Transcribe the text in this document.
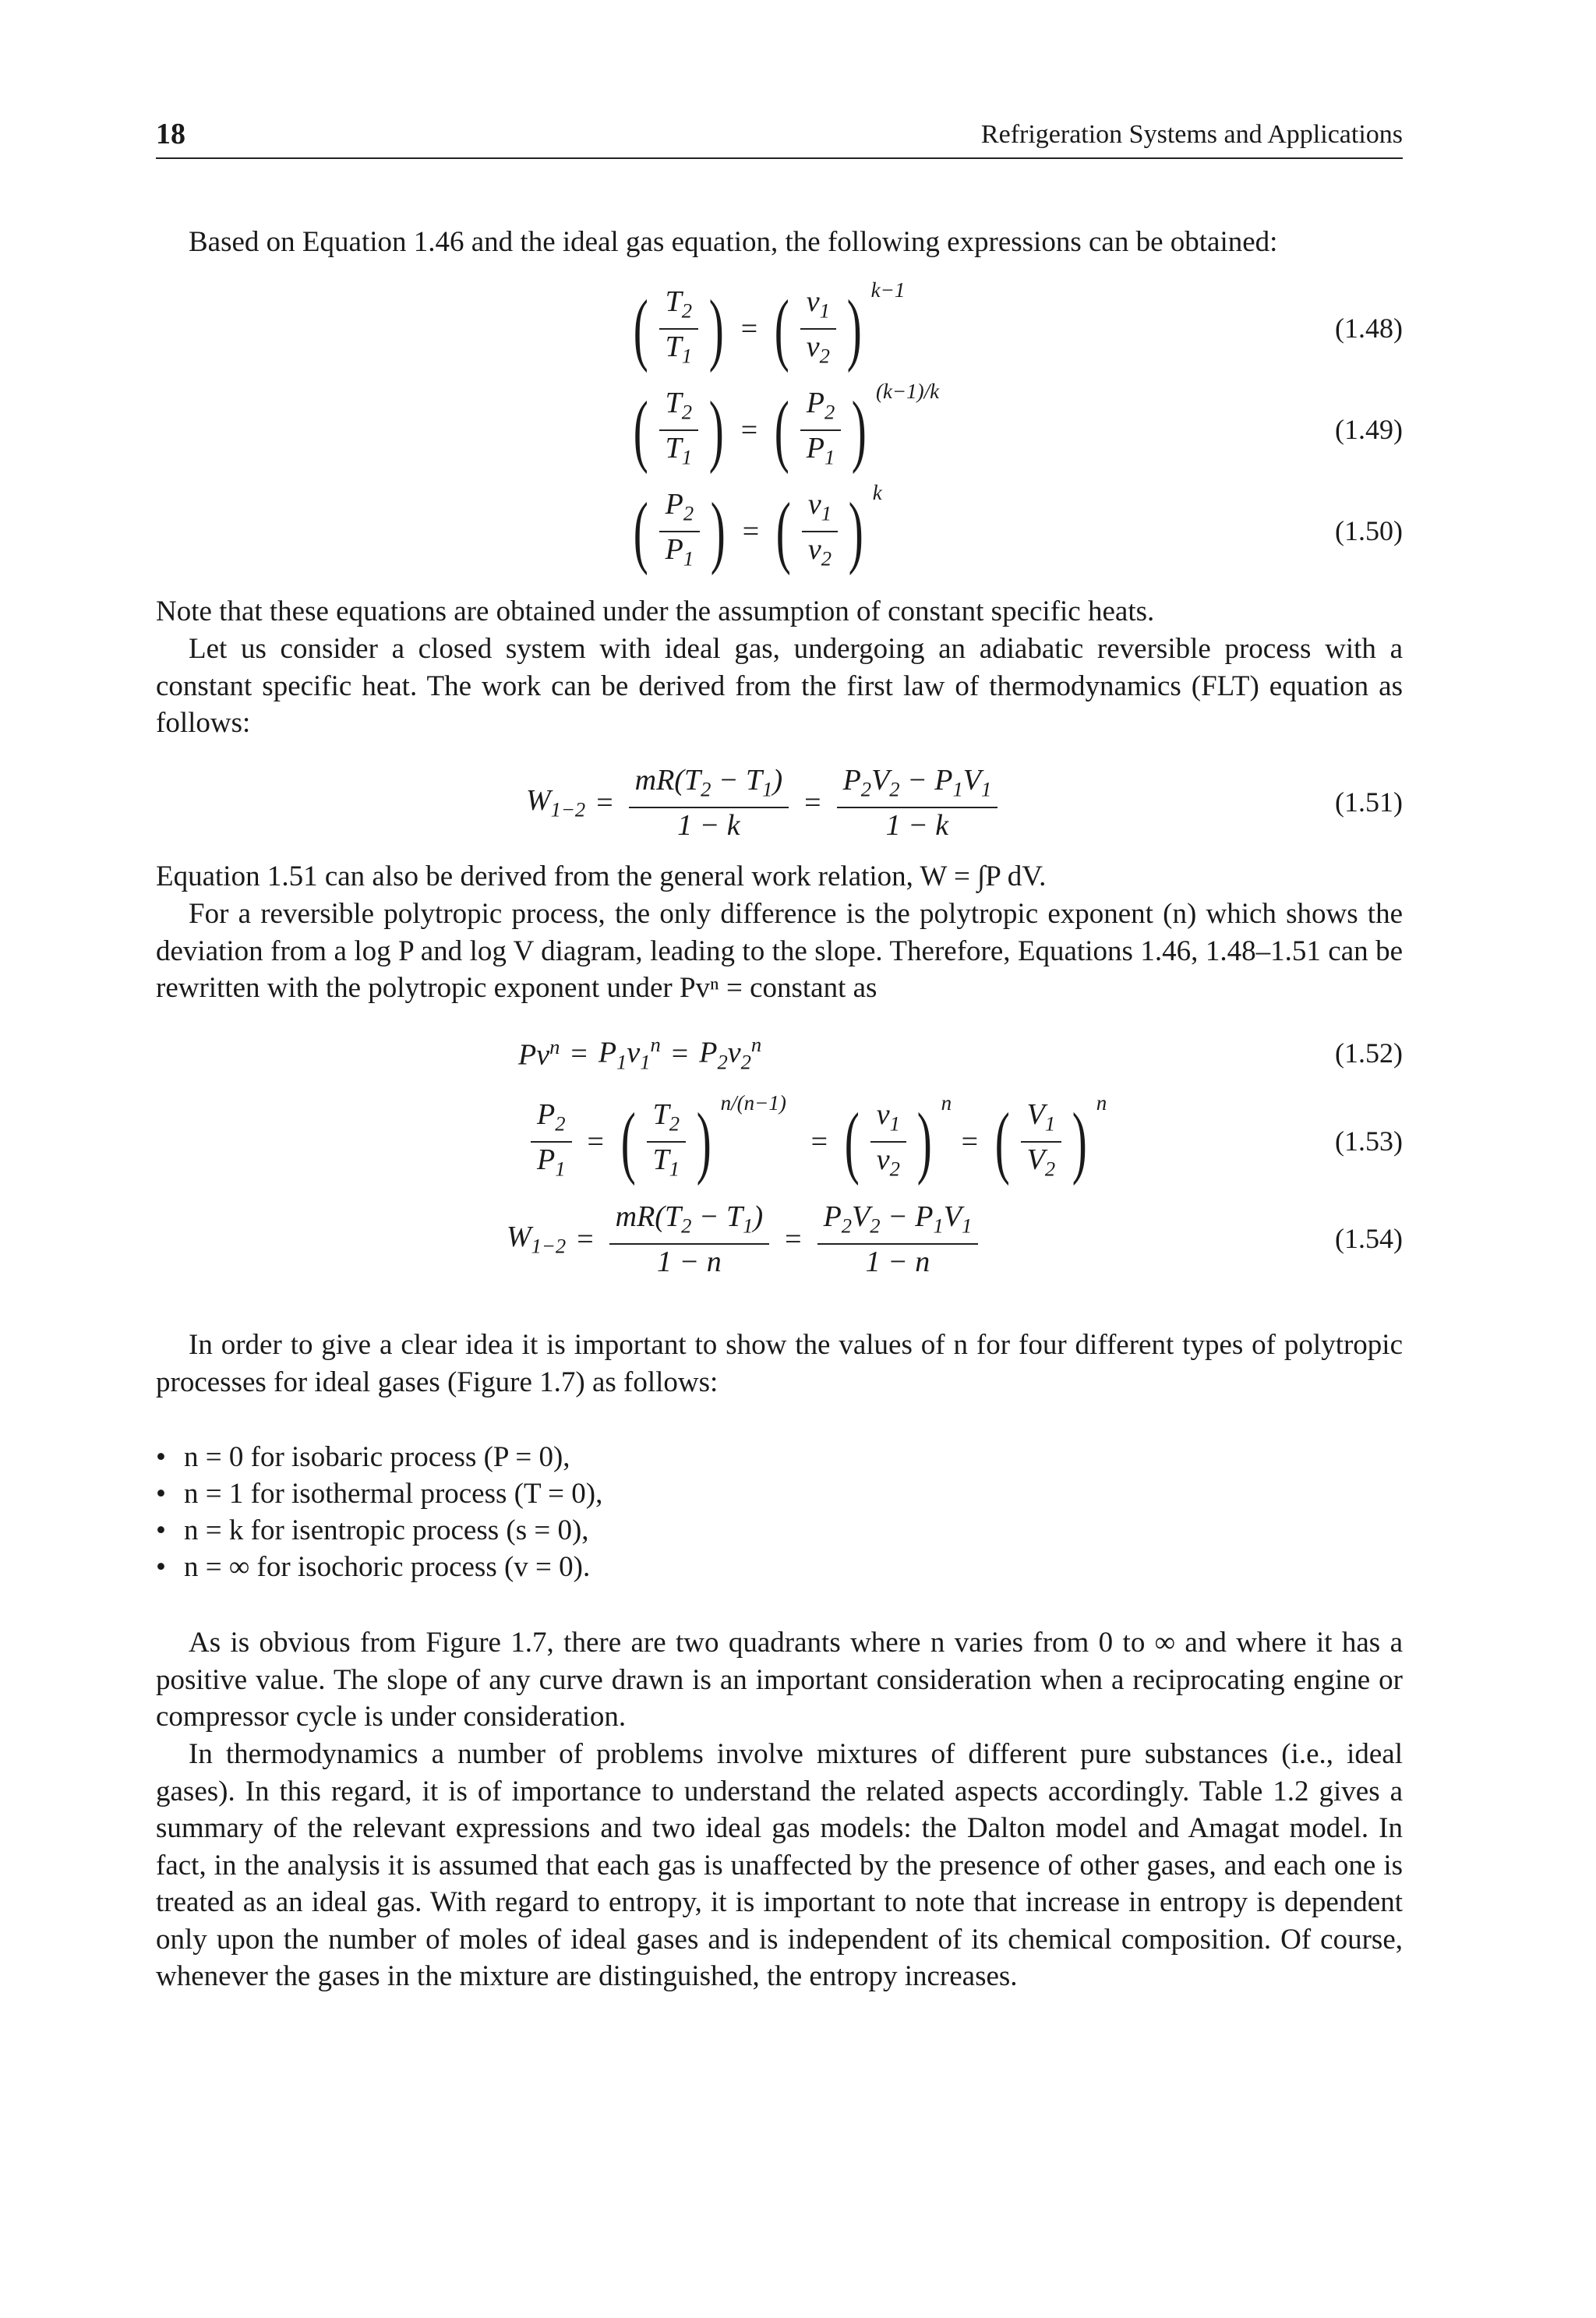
18	Refrigeration Systems and Applications

Based on Equation 1.46 and the ideal gas equation, the following expressions can be obtained:

( $\frac{T_2}{T_1}$ ) = ( $\frac{v_1}{v_2}$ ) k−1
(1.48)
( $\frac{T_2}{T_1}$ ) = ( $\frac{P_2}{P_1}$ ) (k−1)/k
(1.49)
( $\frac{P_2}{P_1}$ ) = ( $\frac{v_1}{v_2}$ ) k
(1.50)

Note that these equations are obtained under the assumption of constant specific heats.

Let us consider a closed system with ideal gas, undergoing an adiabatic reversible process with a constant specific heat. The work can be derived from the first law of thermodynamics (FLT) equation as follows:

$W_{1-2} = \frac{mR(T_2 - T_1)}{1 - k} = \frac{P_2V_2 - P_1V_1}{1 - k}$	(1.51)

Equation 1.51 can also be derived from the general work relation, W = ∫P dV.

For a reversible polytropic process, the only difference is the polytropic exponent (n) which shows the deviation from a log P and log V diagram, leading to the slope. Therefore, Equations 1.46, 1.48–1.51 can be rewritten with the polytropic exponent under Pvⁿ = constant as

$Pv^n = P_1v_1^n = P_2v_2^n$	(1.52)
$\frac{P_2}{P_1}$ = ( $\frac{T_2}{T_1}$ ) n/(n−1)
= ( $\frac{v_1}{v_2}$ ) n
= ( $\frac{V_1}{V_2}$ ) n
(1.53)
$W_{1-2} = \frac{mR(T_2 - T_1)}{1 - n} = \frac{P_2V_2 - P_1V_1}{1 - n}$	(1.54)

In order to give a clear idea it is important to show the values of n for four different types of polytropic processes for ideal gases (Figure 1.7) as follows:

• n = 0 for isobaric process (P = 0),
• n = 1 for isothermal process (T = 0),
• n = k for isentropic process (s = 0),
• n = ∞ for isochoric process (v = 0).

As is obvious from Figure 1.7, there are two quadrants where n varies from 0 to ∞ and where it has a positive value. The slope of any curve drawn is an important consideration when a reciprocating engine or compressor cycle is under consideration.

In thermodynamics a number of problems involve mixtures of different pure substances (i.e., ideal gases). In this regard, it is of importance to understand the related aspects accordingly. Table 1.2 gives a summary of the relevant expressions and two ideal gas models: the Dalton model and Amagat model. In fact, in the analysis it is assumed that each gas is unaffected by the presence of other gases, and each one is treated as an ideal gas. With regard to entropy, it is important to note that increase in entropy is dependent only upon the number of moles of ideal gases and is independent of its chemical composition. Of course, whenever the gases in the mixture are distinguished, the entropy increases.
